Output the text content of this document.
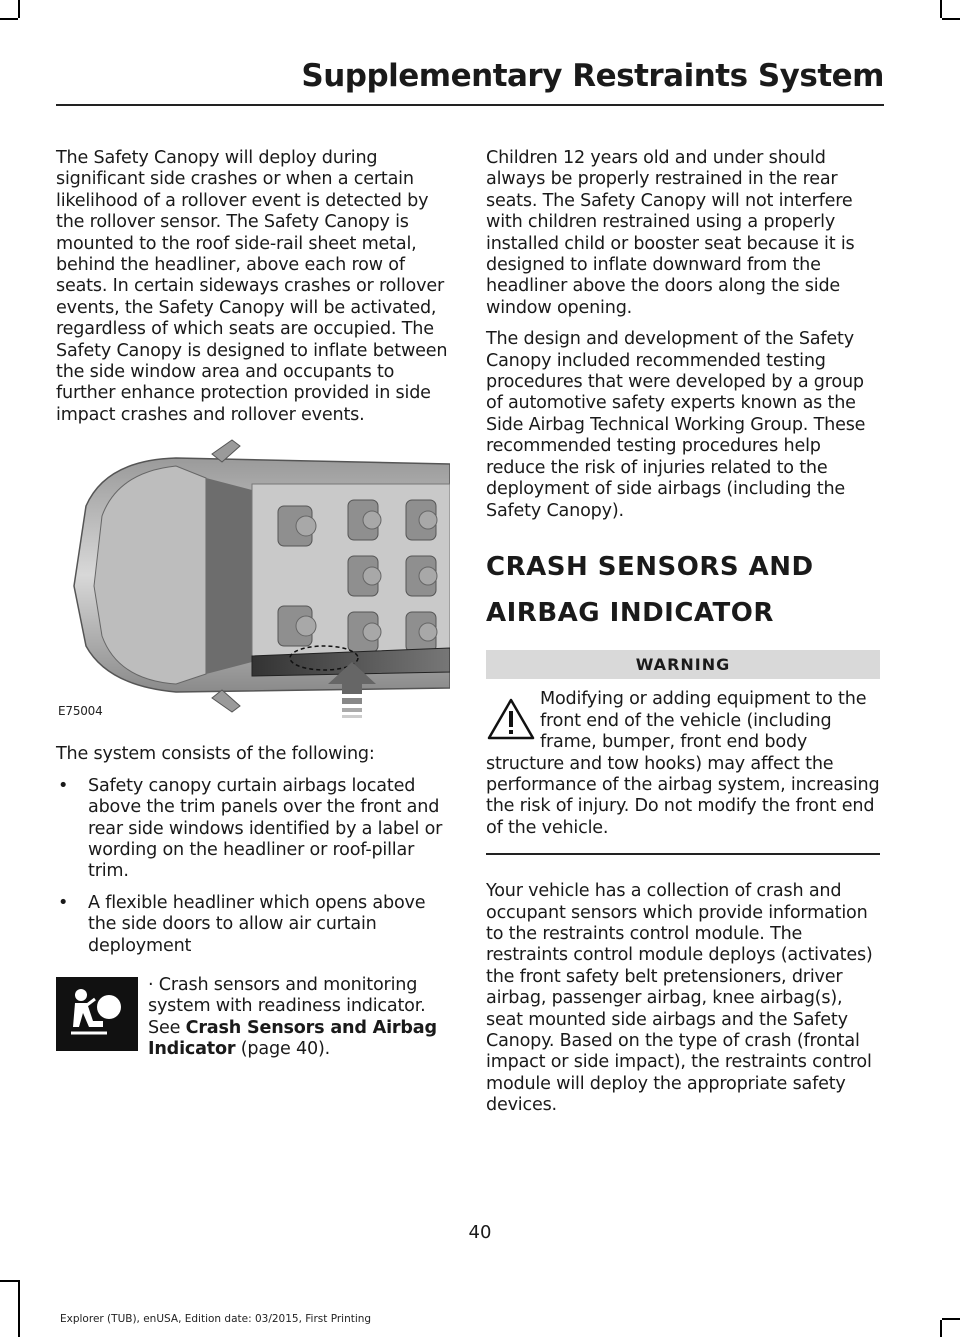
Supplementary Restraints System

The Safety Canopy will deploy during significant side crashes or when a certain likelihood of a rollover event is detected by the rollover sensor. The Safety Canopy is mounted to the roof side-rail sheet metal, behind the headliner, above each row of seats. In certain sideways crashes or rollover events, the Safety Canopy will be activated, regardless of which seats are occupied. The Safety Canopy is designed to inflate between the side window area and occupants to further enhance protection provided in side impact crashes and rollover events.

E75004

The system consists of the following:

• Safety canopy curtain airbags located above the trim panels over the front and rear side windows identified by a label or wording on the headliner or roof-pillar trim.
• A flexible headliner which opens above the side doors to allow air curtain deployment
· Crash sensors and monitoring system with readiness indicator. See Crash Sensors and Airbag Indicator (page 40).

Children 12 years old and under should always be properly restrained in the rear seats. The Safety Canopy will not interfere with children restrained using a properly installed child or booster seat because it is designed to inflate downward from the headliner above the doors along the side window opening.

The design and development of the Safety Canopy included recommended testing procedures that were developed by a group of automotive safety experts known as the Side Airbag Technical Working Group. These recommended testing procedures help reduce the risk of injuries related to the deployment of side airbags (including the Safety Canopy).

CRASH SENSORS AND
AIRBAG INDICATOR
WARNING
Modifying or adding equipment to the front end of the vehicle (including frame, bumper, front end body structure and tow hooks) may affect the performance of the airbag system, increasing the risk of injury. Do not modify the front end of the vehicle.

Your vehicle has a collection of crash and occupant sensors which provide information to the restraints control module. The restraints control module deploys (activates) the front safety belt pretensioners, driver airbag, passenger airbag, knee airbag(s), seat mounted side airbags and the Safety Canopy. Based on the type of crash (frontal impact or side impact), the restraints control module will deploy the appropriate safety devices.

40
Explorer (TUB), enUSA, Edition date: 03/2015, First Printing
